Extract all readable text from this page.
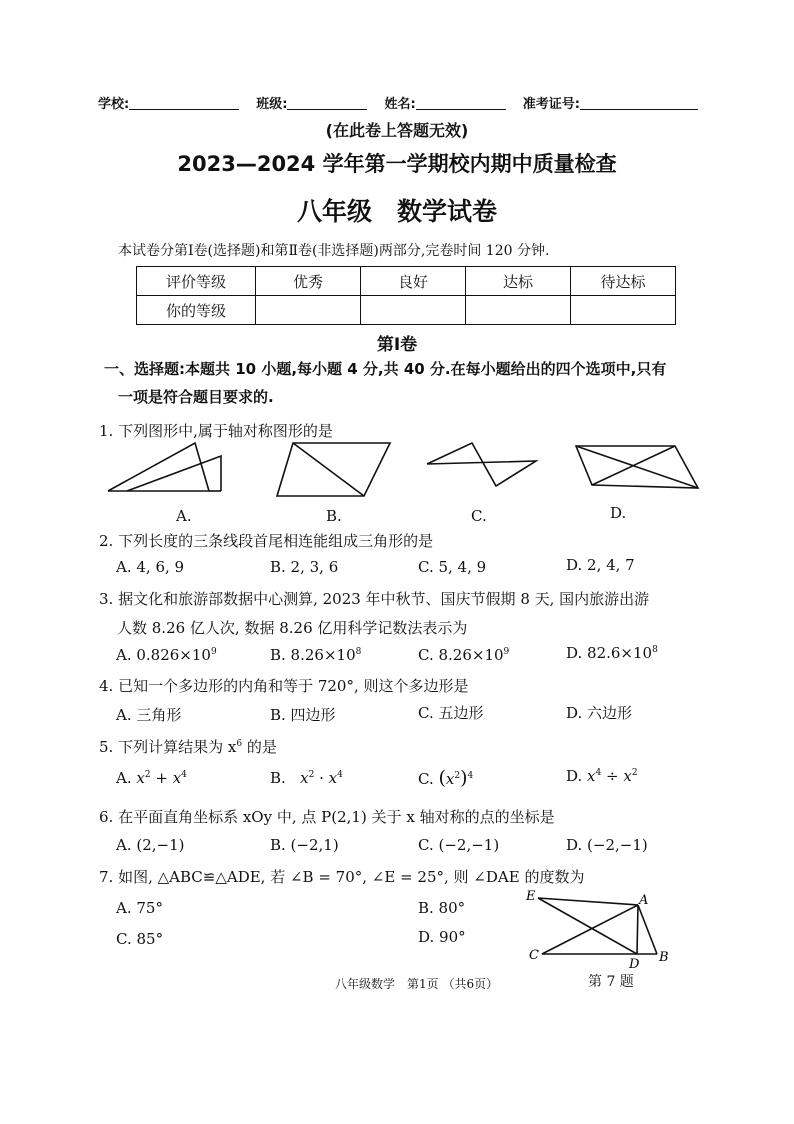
学校:	班级:	姓名:	准考证号:
(在此卷上答题无效)
2023—2024 学年第一学期校内期中质量检查
八年级　数学试卷
本试卷分第Ⅰ卷(选择题)和第Ⅱ卷(非选择题)两部分,完卷时间 120 分钟.
评价等级	优秀	良好	达标	待达标
你的等级				
第Ⅰ卷
一、选择题:本题共 10 小题,每小题 4 分,共 40 分.在每小题给出的四个选项中,只有
一项是符合题目要求的.
1. 下列图形中,属于轴对称图形的是
A.	B.	C.	D.
2. 下列长度的三条线段首尾相连能组成三角形的是
A. 4, 6, 9	B. 2, 3, 6	C. 5, 4, 9	D. 2, 4, 7
3. 据文化和旅游部数据中心测算, 2023 年中秋节、国庆节假期 8 天, 国内旅游出游
人数 8.26 亿人次, 数据 8.26 亿用科学记数法表示为
A. $0.826\times 10^9$	B. $8.26\times 10^8$	C. $8.26\times 10^9$	D. $82.6\times 10^8$
4. 已知一个多边形的内角和等于 720°, 则这个多边形是
A. 三角形	B. 四边形	C. 五边形	D. 六边形
5. 下列计算结果为 $x^6$ 的是
A. $x^2 + x^4$	B. $x^2 \cdot x^4$	C. $(x^2)^4$	D. $x^4 \div x^2$
6. 在平面直角坐标系 xOy 中, 点 P(2,1) 关于 x 轴对称的点的坐标是
A. (2,−1)	B. (−2,1)	C. (−2,−1)	D. (−2,−1)
7. 如图, △ABC≌△ADE, 若 ∠B = 70°, ∠E = 25°, 则 ∠DAE 的度数为
A. 75°	B. 80°
C. 85°	D. 90°
E	A
C
D B
第 7 题
八年级数学　第1页 （共6页）
